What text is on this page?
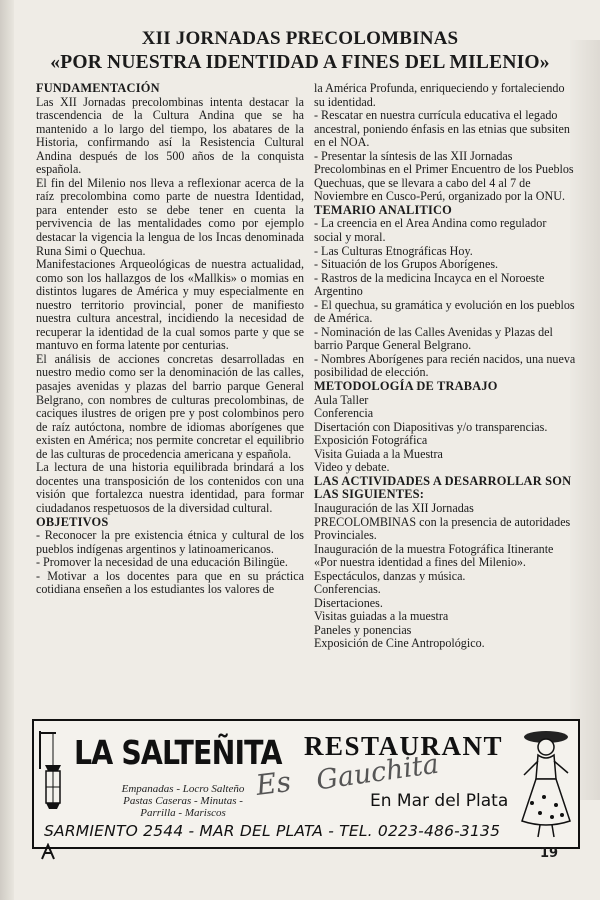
XII JORNADAS PRECOLOMBINAS
«POR NUESTRA IDENTIDAD A FINES DEL MILENIO»

FUNDAMENTACIÓN

Las XII Jornadas precolombinas intenta destacar la trascendencia de la Cultura Andina que se ha mantenido a lo largo del tiempo, los abatares de la Historia, confirmando así la Resistencia Cultural Andina después de los 500 años de la conquista española.

El fin del Milenio nos lleva a reflexionar acerca de la raíz precolombina como parte de nuestra Identidad, para entender esto se debe tener en cuenta la pervivencia de las mentalidades como por ejemplo destacar la vigencia la lengua de los Incas denominada Runa Simi o Quechua.

Manifestaciones Arqueológicas de nuestra actualidad, como son los hallazgos de los «Mallkis» o momias en distintos lugares de América y muy especialmente en nuestro territorio provincial, poner de manifiesto nuestra cultura ancestral, incidiendo la necesidad de recuperar la identidad de la cual somos parte y que se mantuvo en forma latente por centurias.

El análisis de acciones concretas desarrolladas en nuestro medio como ser la denominación de las calles, pasajes avenidas y plazas del barrio parque General Belgrano, con nombres de culturas precolombinas, de caciques ilustres de origen pre y post colombinos pero de raíz autóctona, nombre de idiomas aborígenes que existen en América; nos permite concretar el equilibrio de las culturas de procedencia americana y española.

La lectura de una historia equilibrada brindará a los docentes una transposición de los contenidos con una visión que fortalezca nuestra identidad, para formar ciudadanos respetuosos de la diversidad cultural.

OBJETIVOS

- Reconocer la pre existencia étnica y cultural de los pueblos indígenas argentinos y latinoamericanos.

- Promover la necesidad de una educación Bilingüe.

- Motivar a los docentes para que en su práctica cotidiana enseñen a los estudiantes los valores de

la América Profunda, enriqueciendo y fortaleciendo su identidad.

- Rescatar en nuestra currícula educativa el legado ancestral, poniendo énfasis en las etnias que subsiten en el NOA.

- Presentar la síntesis de las XII Jornadas Precolombinas en el Primer Encuentro de los Pueblos Quechuas, que se llevara a cabo del 4 al 7 de Noviembre en Cusco-Perú, organizado por la ONU.

TEMARIO ANALITICO

- La creencia en el Area Andina como regulador social y moral.

- Las Culturas Etnográficas Hoy.

- Situación de los Grupos Aborígenes.

- Rastros de la medicina Incayca en el Noroeste Argentino

- El quechua, su gramática y evolución en los pueblos de América.

- Nominación de las Calles Avenidas y Plazas del barrio Parque General Belgrano.

- Nombres Aborígenes para recién nacidos, una nueva posibilidad de elección.

METODOLOGÍA DE TRABAJO

Aula Taller

Conferencia

Disertación con Diapositivas y/o transparencias.

Exposición Fotográfica

Visita Guiada a la Muestra

Video y debate.

LAS ACTIVIDADES A DESARROLLAR SON LAS SIGUIENTES:

Inauguración de las XII Jornadas PRECOLOMBINAS con la presencia de autoridades Provinciales.

Inauguración de la muestra Fotográfica Itinerante «Por nuestra identidad a fines del Milenio».

Espectáculos, danzas y música.

Conferencias.

Disertaciones.

Visitas guiadas a la muestra

Paneles y ponencias

Exposición de Cine Antropológico.

LA SALTEÑITA RESTAURANT
Es Gauchita
En Mar del Plata
Empanadas - Locro Salteño
Pastas Caseras - Minutas -
Parrilla - Mariscos
SARMIENTO 2544 - MAR DEL PLATA - TEL. 0223-486-3135
19
